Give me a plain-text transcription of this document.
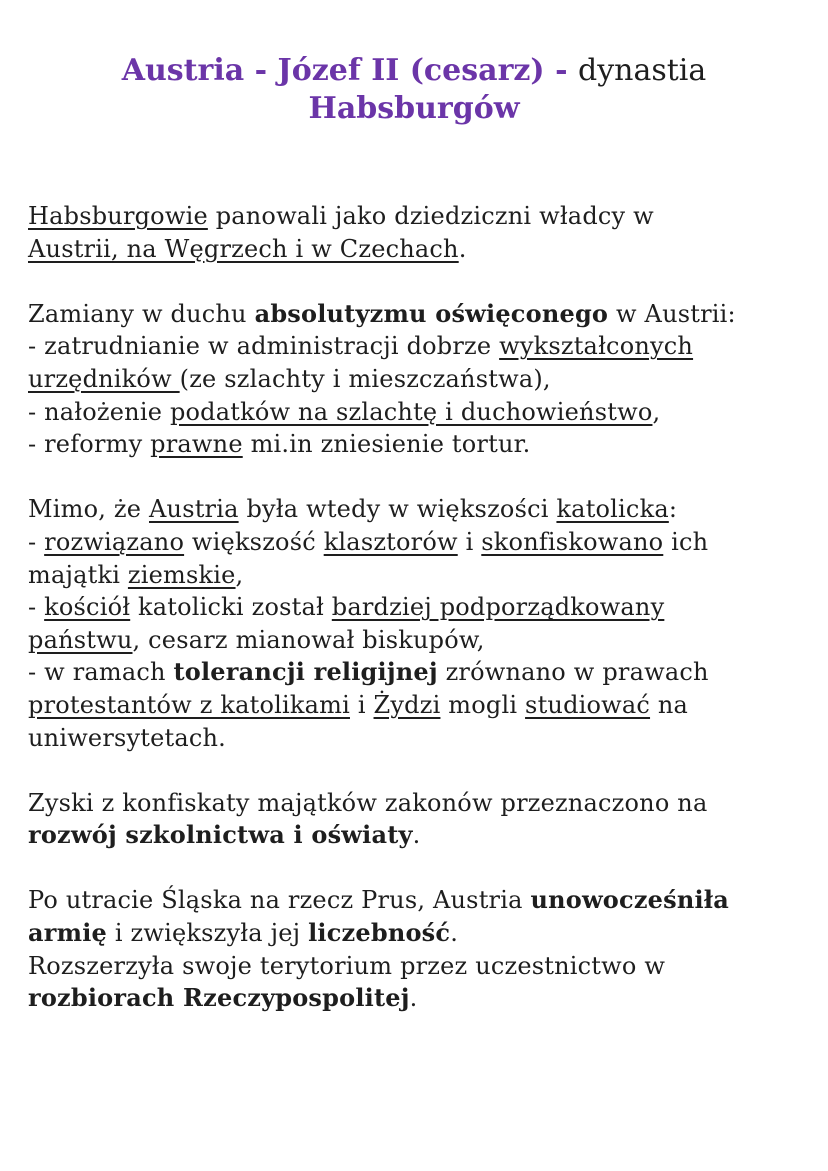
Austria - Józef II (cesarz) - dynastia
Habsburgów

Habsburgowie panowali jako dziedziczni władcy w
Austrii, na Węgrzech i w Czechach.

Zamiany w duchu absolutyzmu oświęconego w Austrii:
- zatrudnianie w administracji dobrze wykształconych
urzędników (ze szlachty i mieszczaństwa),
- nałożenie podatków na szlachtę i duchowieństwo,
- reformy prawne mi.in zniesienie tortur.

Mimo, że Austria była wtedy w większości katolicka:
- rozwiązano większość klasztorów i skonfiskowano ich
majątki ziemskie,
- kościół katolicki został bardziej podporządkowany
państwu, cesarz mianował biskupów,
- w ramach tolerancji religijnej zrównano w prawach
protestantów z katolikami i Żydzi mogli studiować na
uniwersytetach.

Zyski z konfiskaty majątków zakonów przeznaczono na
rozwój szkolnictwa i oświaty.

Po utracie Śląska na rzecz Prus, Austria unowocześniła
armię i zwiększyła jej liczebność.
Rozszerzyła swoje terytorium przez uczestnictwo w
rozbiorach Rzeczypospolitej.
